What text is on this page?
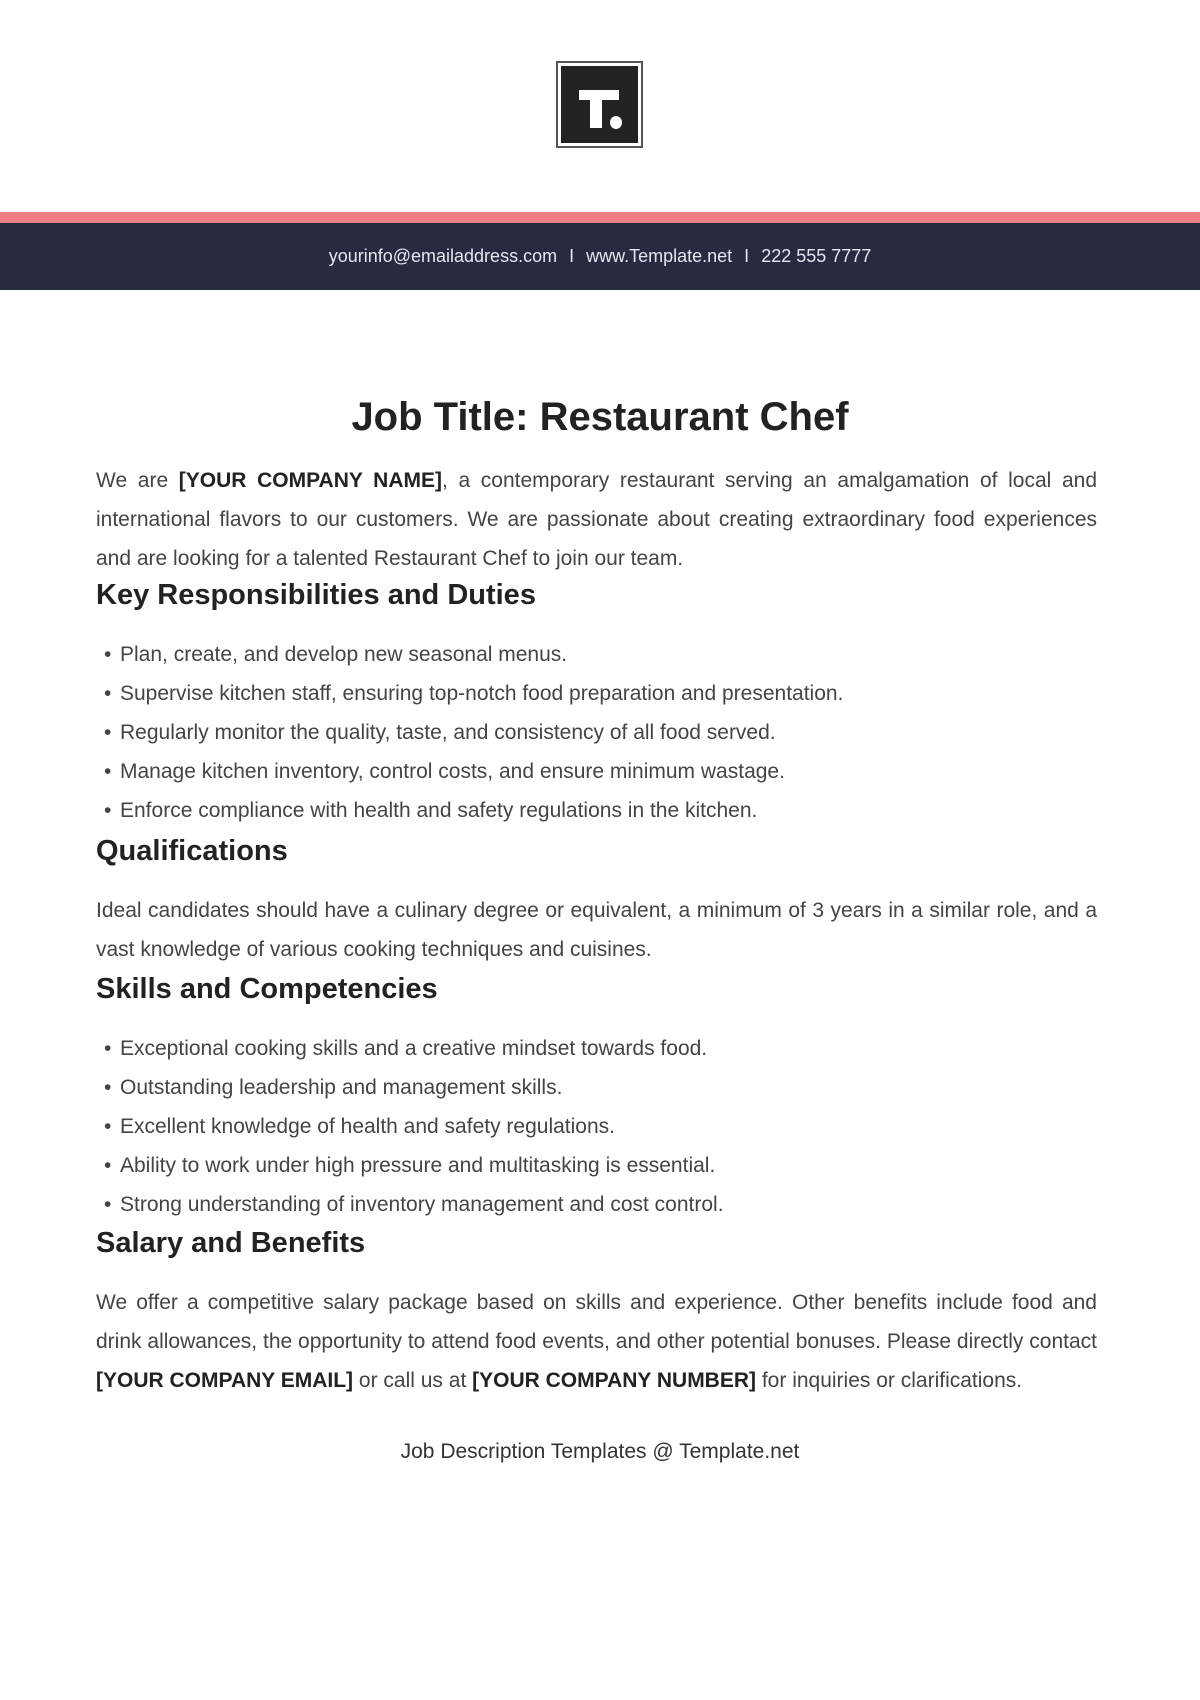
yourinfo@emailaddress.com I www.Template.net I 222 555 7777
Job Title: Restaurant Chef

We are [YOUR COMPANY NAME], a contemporary restaurant serving an amalgamation of local and international flavors to our customers. We are passionate about creating extraordinary food experiences and are looking for a talented Restaurant Chef to join our team.

Key Responsibilities and Duties
• Plan, create, and develop new seasonal menus.
• Supervise kitchen staff, ensuring top-notch food preparation and presentation.
• Regularly monitor the quality, taste, and consistency of all food served.
• Manage kitchen inventory, control costs, and ensure minimum wastage.
• Enforce compliance with health and safety regulations in the kitchen.
Qualifications

Ideal candidates should have a culinary degree or equivalent, a minimum of 3 years in a similar role, and a vast knowledge of various cooking techniques and cuisines.

Skills and Competencies
• Exceptional cooking skills and a creative mindset towards food.
• Outstanding leadership and management skills.
• Excellent knowledge of health and safety regulations.
• Ability to work under high pressure and multitasking is essential.
• Strong understanding of inventory management and cost control.
Salary and Benefits

We offer a competitive salary package based on skills and experience. Other benefits include food and drink allowances, the opportunity to attend food events, and other potential bonuses. Please directly contact [YOUR COMPANY EMAIL] or call us at [YOUR COMPANY NUMBER] for inquiries or clarifications.

Job Description Templates @ Template.net
